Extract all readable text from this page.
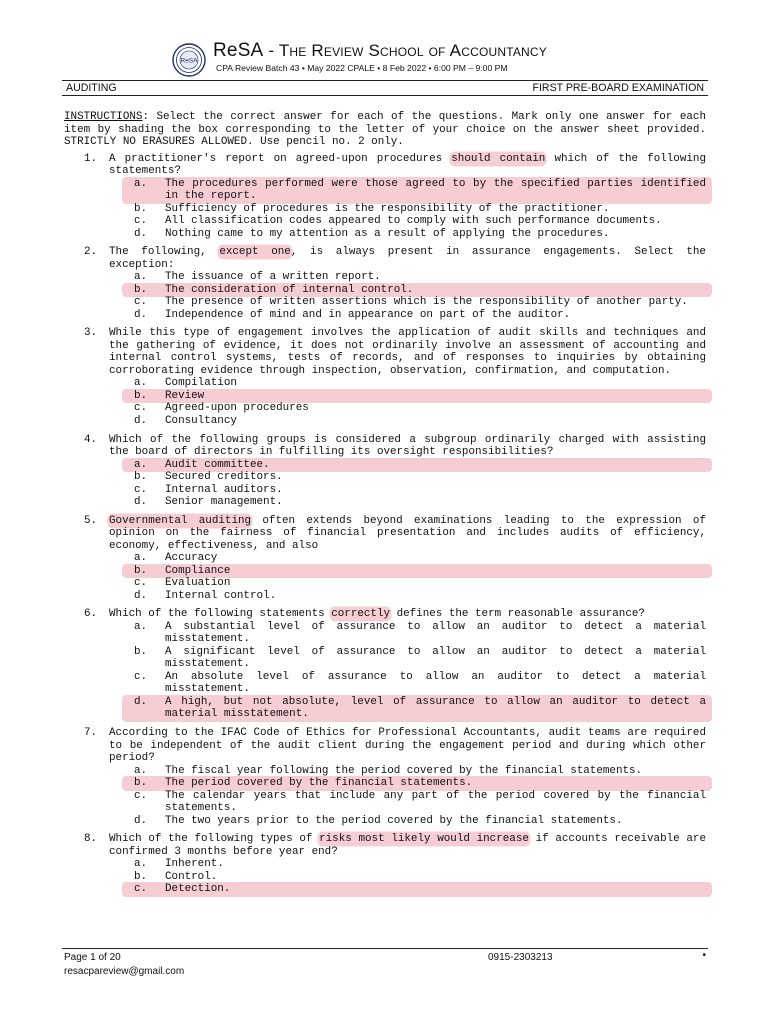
ReSA ReSA - The Review School of Accountancy
CPA Review Batch 43 • May 2022 CPALE • 8 Feb 2022 • 6:00 PM – 9:00 PM
AUDITING	FIRST PRE-BOARD EXAMINATION
INSTRUCTIONS: Select the correct answer for each of the questions. Mark only one answer for each item by shading the box corresponding to the letter of your choice on the answer sheet provided. STRICTLY NO ERASURES ALLOWED. Use pencil no. 2 only.
1. A practitioner's report on agreed-upon procedures should contain which of the following statements?
a. The procedures performed were those agreed to by the specified parties identified in the report.
b. Sufficiency of procedures is the responsibility of the practitioner.
c. All classification codes appeared to comply with such performance documents.
d. Nothing came to my attention as a result of applying the procedures.
2. The following, except one, is always present in assurance engagements. Select the exception:
a. The issuance of a written report.
b. The consideration of internal control.
c. The presence of written assertions which is the responsibility of another party.
d. Independence of mind and in appearance on part of the auditor.
3. While this type of engagement involves the application of audit skills and techniques and the gathering of evidence, it does not ordinarily involve an assessment of accounting and internal control systems, tests of records, and of responses to inquiries by obtaining corroborating evidence through inspection, observation, confirmation, and computation.
a. Compilation
b. Review
c. Agreed-upon procedures
d. Consultancy
4. Which of the following groups is considered a subgroup ordinarily charged with assisting the board of directors in fulfilling its oversight responsibilities?
a. Audit committee.
b. Secured creditors.
c. Internal auditors.
d. Senior management.
5. Governmental auditing often extends beyond examinations leading to the expression of opinion on the fairness of financial presentation and includes audits of efficiency, economy, effectiveness, and also
a. Accuracy
b. Compliance
c. Evaluation
d. Internal control.
6. Which of the following statements correctly defines the term reasonable assurance?
a. A substantial level of assurance to allow an auditor to detect a material misstatement.
b. A significant level of assurance to allow an auditor to detect a material misstatement.
c. An absolute level of assurance to allow an auditor to detect a material misstatement.
d. A high, but not absolute, level of assurance to allow an auditor to detect a material misstatement.
7. According to the IFAC Code of Ethics for Professional Accountants, audit teams are required to be independent of the audit client during the engagement period and during which other period?
a. The fiscal year following the period covered by the financial statements.
b. The period covered by the financial statements.
c. The calendar years that include any part of the period covered by the financial statements.
d. The two years prior to the period covered by the financial statements.
8. Which of the following types of risks most likely would increase if accounts receivable are confirmed 3 months before year end?
a. Inherent.
b. Control.
c. Detection.
Page 1 of 20	0915-2303213	•
resacpareview@gmail.com
